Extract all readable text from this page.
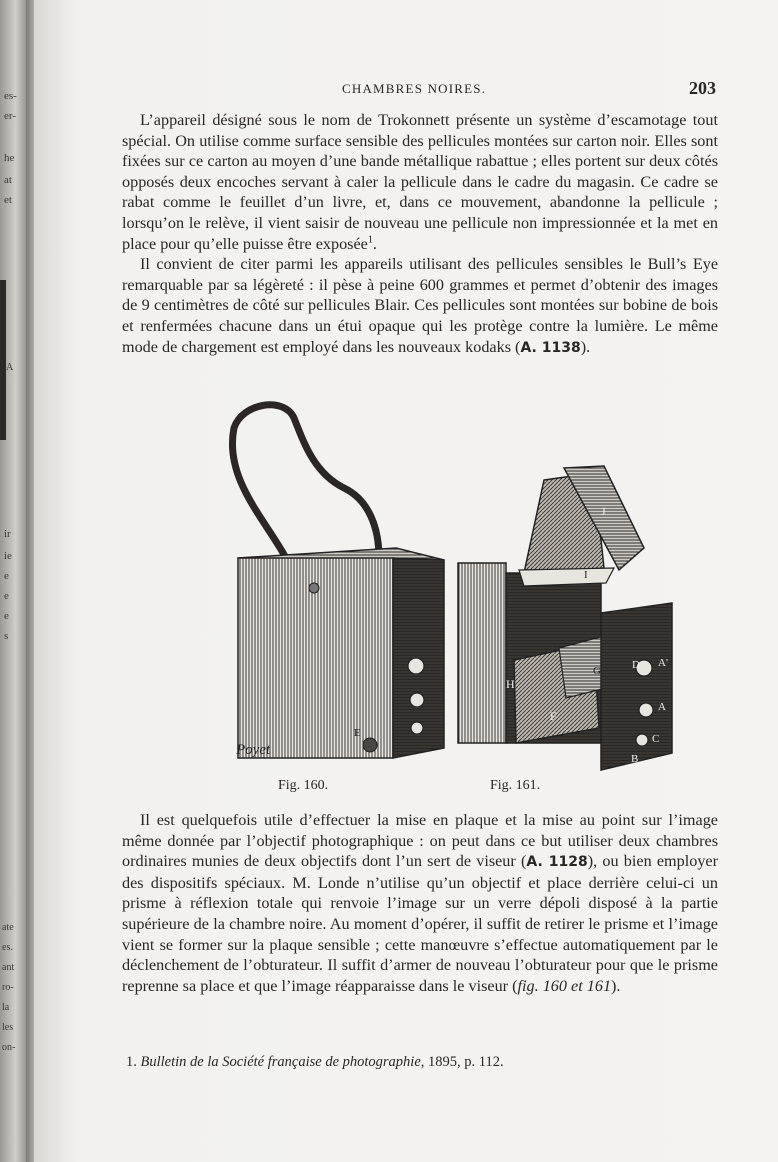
es-
er-
he
at
et
A
ir
ie
e
e
e
s
ate
es.
ant
ro-
la
les
on-
CHAMBRES NOIRES.	203

L’appareil désigné sous le nom de Trokonnett présente un système d’escamotage tout spécial. On utilise comme surface sensible des pellicules montées sur carton noir. Elles sont fixées sur ce carton au moyen d’une bande métallique rabattue ; elles portent sur deux côtés opposés deux encoches servant à caler la pellicule dans le cadre du magasin. Ce cadre se rabat comme le feuillet d’un livre, et, dans ce mouvement, abandonne la pellicule ; lorsqu’on le relève, il vient saisir de nouveau une pellicule non impressionnée et la met en place pour qu’elle puisse être exposée$^1$.

Il convient de citer parmi les appareils utilisant des pellicules sensibles le Bull’s Eye remarquable par sa légèreté : il pèse à peine 600 grammes et permet d’obtenir des images de 9 centimètres de côté sur pellicules Blair. Ces pellicules sont montées sur bobine de bois et renfermées chacune dans un étui opaque qui les protège contre la lumière. Le même mode de chargement est employé dans les nouveaux kodaks (A. 1138).

E
Poyet
J
I
H
G
F
D A'
A
C
B
Fig. 160.	Fig. 161.

Il est quelquefois utile d’effectuer la mise en plaque et la mise au point sur l’image même donnée par l’objectif photographique : on peut dans ce but utiliser deux chambres ordinaires munies de deux objectifs dont l’un sert de viseur (A. 1128), ou bien employer des dispositifs spéciaux. M. Londe n’utilise qu’un objectif et place derrière celui-ci un prisme à réflexion totale qui renvoie l’image sur un verre dépoli disposé à la partie supérieure de la chambre noire. Au moment d’opérer, il suffit de retirer le prisme et l’image vient se former sur la plaque sensible ; cette manœuvre s’effectue automatiquement par le déclenchement de l’obturateur. Il suffit d’armer de nouveau l’obturateur pour que le prisme reprenne sa place et que l’image réapparaisse dans le viseur (fig. 160 et 161).

1. Bulletin de la Société française de photographie, 1895, p. 112.
